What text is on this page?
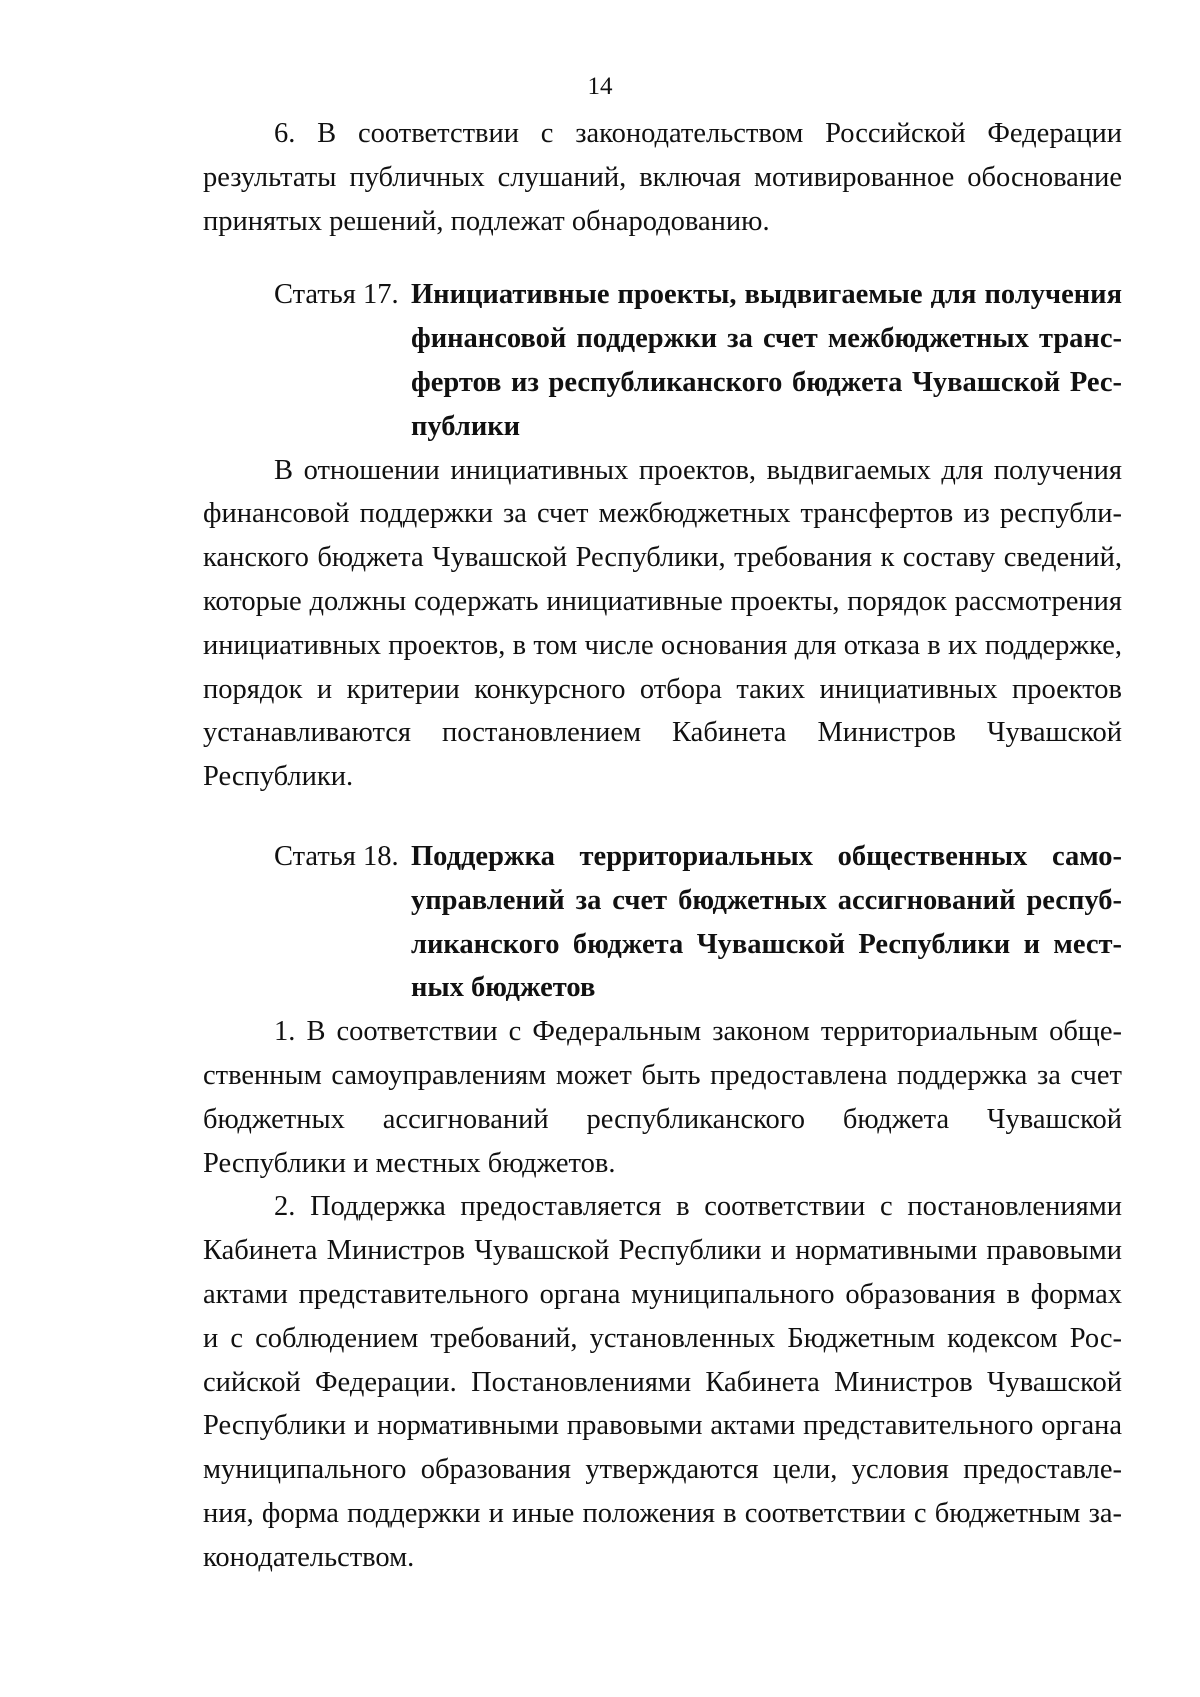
14

6. В соответствии с законодательством Российской Федерации результаты публичных слушаний, включая мотивированное обоснование принятых решений, подлежат обнародованию.

Статья 17. Инициативные проекты, выдвигаемые для получения финансовой поддержки за счет межбюджетных трансфертов из республиканского бюджета Чувашской Республики

В отношении инициативных проектов, выдвигаемых для получения финансовой поддержки за счет межбюджетных трансфертов из республиканского бюджета Чувашской Республики, требования к составу сведений, которые должны содержать инициативные проекты, порядок рассмотрения инициативных проектов, в том числе основания для отказа в их поддержке, порядок и критерии конкурсного отбора таких инициативных проектов устанавливаются постановлением Кабинета Министров Чувашской Республики.

Статья 18. Поддержка территориальных общественных самоуправлений за счет бюджетных ассигнований республиканского бюджета Чувашской Республики и местных бюджетов

1. В соответствии с Федеральным законом территориальным общественным самоуправлениям может быть предоставлена поддержка за счет бюджетных ассигнований республиканского бюджета Чувашской Республики и местных бюджетов.

2. Поддержка предоставляется в соответствии с постановлениями Кабинета Министров Чувашской Республики и нормативными правовыми актами представительного органа муниципального образования в формах и с соблюдением требований, установленных Бюджетным кодексом Российской Федерации. Постановлениями Кабинета Министров Чувашской Республики и нормативными правовыми актами представительного органа муниципального образования утверждаются цели, условия предоставления, форма поддержки и иные положения в соответствии с бюджетным законодательством.
